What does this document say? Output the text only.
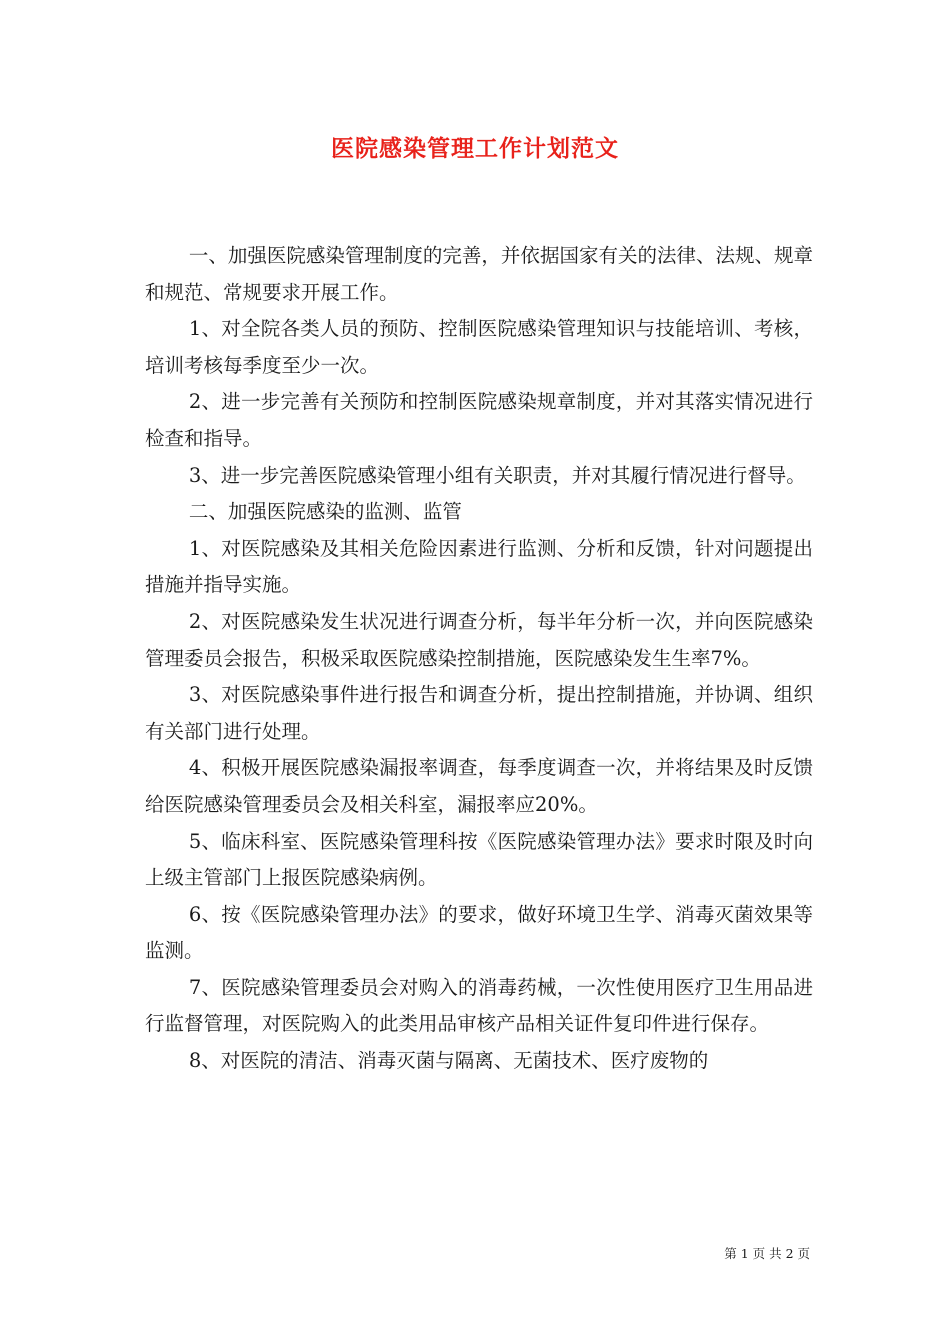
医院感染管理工作计划范文

一、加强医院感染管理制度的完善，并依据国家有关的法律、法规、规章和规范、常规要求开展工作。

1、对全院各类人员的预防、控制医院感染管理知识与技能培训、考核，培训考核每季度至少一次。

2、进一步完善有关预防和控制医院感染规章制度，并对其落实情况进行检查和指导。

3、进一步完善医院感染管理小组有关职责，并对其履行情况进行督导。

二、加强医院感染的监测、监管

1、对医院感染及其相关危险因素进行监测、分析和反馈，针对问题提出措施并指导实施。

2、对医院感染发生状况进行调查分析，每半年分析一次，并向医院感染管理委员会报告，积极采取医院感染控制措施，医院感染发生生率7%。

3、对医院感染事件进行报告和调查分析，提出控制措施，并协调、组织有关部门进行处理。

4、积极开展医院感染漏报率调查，每季度调查一次，并将结果及时反馈给医院感染管理委员会及相关科室，漏报率应20%。

5、临床科室、医院感染管理科按《医院感染管理办法》要求时限及时向上级主管部门上报医院感染病例。

6、按《医院感染管理办法》的要求，做好环境卫生学、消毒灭菌效果等监测。

7、医院感染管理委员会对购入的消毒药械，一次性使用医疗卫生用品进行监督管理，对医院购入的此类用品审核产品相关证件复印件进行保存。

8、对医院的清洁、消毒灭菌与隔离、无菌技术、医疗废物的

第 1 页 共 2 页
